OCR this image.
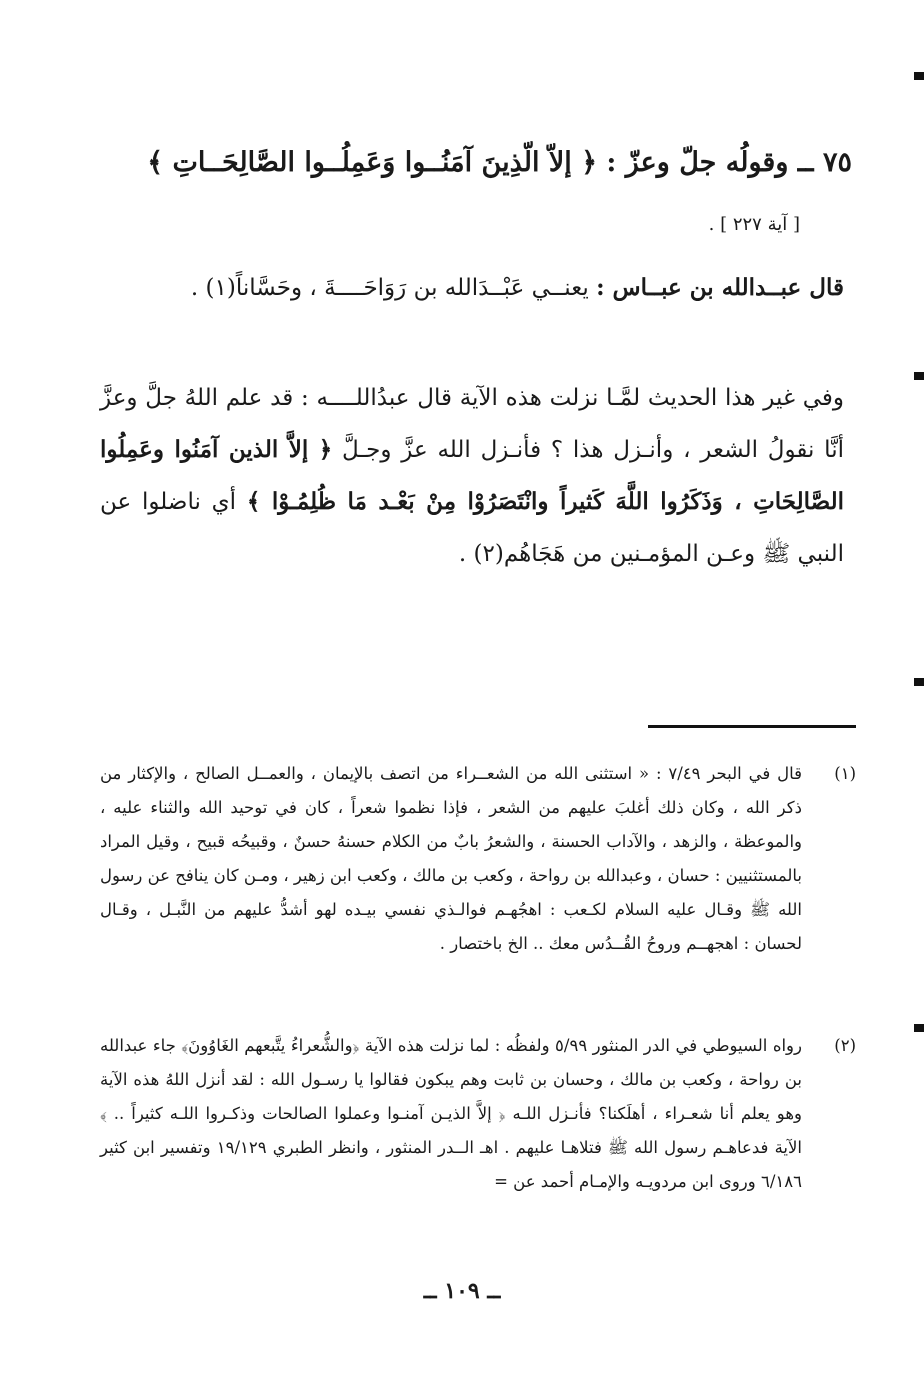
٧٥ ــ وقولُه جلّ وعزّ : ﴿ إلاّ الّذِينَ آمَنُــوا وَعَمِلُــوا الصَّالِحَــاتِ ﴾
[ آية ٢٢٧ ] .
قال عبــدالله بن عبــاس : يعنــي عَبْــدَالله بن رَوَاحَــــةَ ، وحَسَّاناً(١) .
وفي غير هذا الحديث لمَّـا نزلت هذه الآية قال عبدُاللــــه : قد علم اللهُ جلَّ وعزَّ أنَّا نقولُ الشعر ، وأنـزل هذا ؟ فأنـزل الله عزَّ وجـلَّ ﴿ إلاَّ الذين آمَنُوا وعَمِلُوا الصَّالِحَاتِ ، وَذَكَرُوا اللَّهَ كَثيراً وانْتَصَرُوْا مِنْ بَعْـد مَا ظُلِمُـوْا ﴾ أي ناضلوا عن النبي ﷺ وعـن المؤمـنين من هَجَاهُم(٢) .
(١)
قال في البحر ٧/٤٩ : « استثنى الله من الشعــراء من اتصف بالإيمان ، والعمــل الصالح ، والإكثار من ذكر الله ، وكان ذلك أغلبَ عليهم من الشعر ، فإذا نظموا شعراً ، كان في توحيد الله والثناء عليه ، والموعظة ، والزهد ، والآداب الحسنة ، والشعرُ بابٌ من الكلام حسنهُ حسنٌ ، وقبيحُه قبيح ، وقيل المراد بالمستثنيين : حسان ، وعبدالله بن رواحة ، وكعب بن مالك ، وكعب ابن زهير ، ومـن كان ينافح عن رسول الله ﷺ وقـال عليه السلام لكـعب : اهجُهـم فوالـذي نفسي بيـده لهو أشدُّ عليهم من النَّبـل ، وقـال لحسان : اهجهــم وروحُ القُــدُس معك .. الخ باختصار .
(٢)
رواه السيوطي في الدر المنثور ٥/٩٩ ولفظُه : لما نزلت هذه الآية ﴿والشُّعراءُ يتَّبعهم الغَاوُونَ﴾ جاء عبدالله بن رواحة ، وكعب بن مالك ، وحسان بن ثابت وهم يبكون فقالوا يا رسـول الله : لقد أنزل اللهُ هذه الآية وهو يعلم أنا شعـراء ، أهلَكنا؟ فأنـزل اللـه ﴿ إلاَّ الذيـن آمنـوا وعملوا الصالحات وذكـروا اللـه كثيراً .. ﴾ الآية فدعاهـم رسول الله ﷺ فتلاهـا عليهم . اهـ الــدر المنثور ، وانظر الطبري ١٩/١٢٩ وتفسير ابن كثير ٦/١٨٦ وروى ابن مردويـه والإمـام أحمد عن =
ــ ١٠٩ ــ
